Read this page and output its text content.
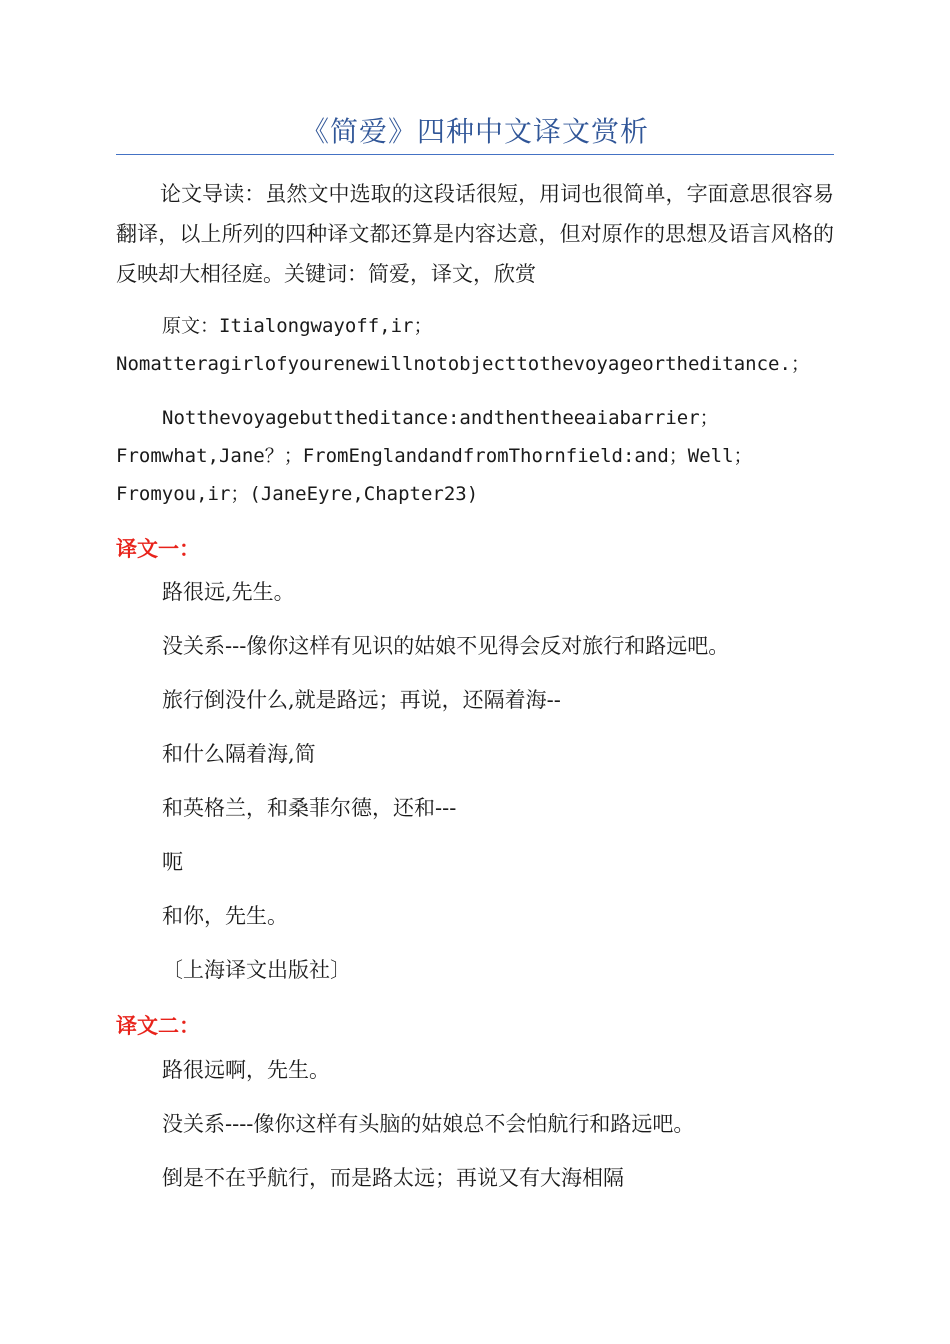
《简爱》四种中文译文赏析
论文导读：虽然文中选取的这段话很短，用词也很简单，字面意思很容易翻译，以上所列的四种译文都还算是内容达意，但对原作的思想及语言风格的反映却大相径庭。关键词：简爱，译文，欣赏
原文：Itialongwayoff,ir；
Nomatteragirlofyourenewillnotobjecttothevoyageortheditance.；
Notthevoyagebuttheditance:andthentheeaiabarrier；
Fromwhat,Jane？；FromEnglandandfromThornfield:and；Well；
Fromyou,ir；(JaneEyre,Chapter23)
译文一：
路很远,先生。
没关系---像你这样有见识的姑娘不见得会反对旅行和路远吧。
旅行倒没什么,就是路远；再说，还隔着海--
和什么隔着海,简
和英格兰，和桑菲尔德，还和---
呃
和你，先生。
〔上海译文出版社〕
译文二：
路很远啊，先生。
没关系----像你这样有头脑的姑娘总不会怕航行和路远吧。
倒是不在乎航行，而是路太远；再说又有大海相隔
